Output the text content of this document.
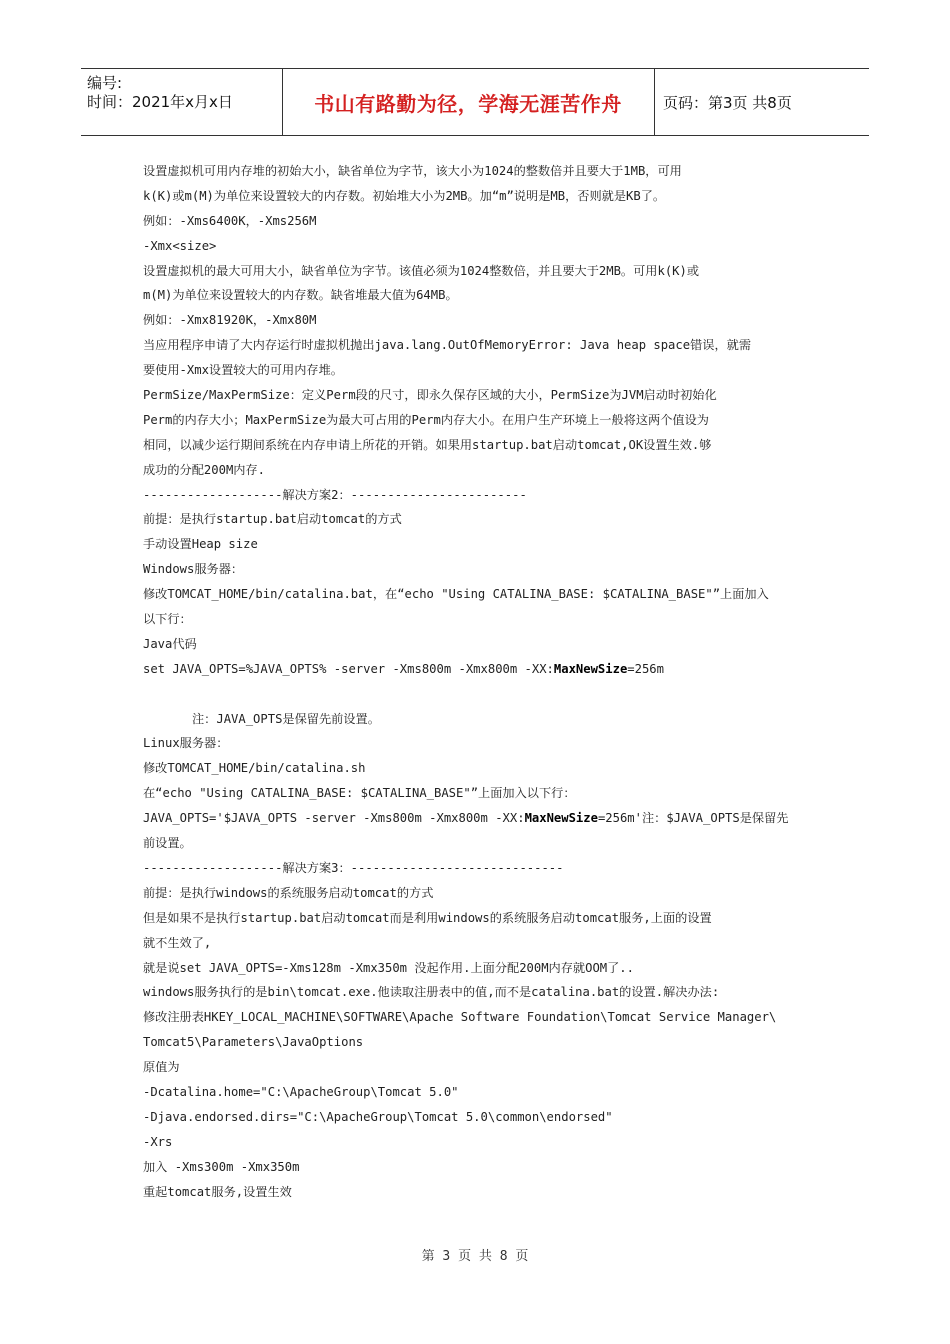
编号:
时间：2021年x月x日	书山有路勤为径，学海无涯苦作舟	页码：第3页 共8页
设置虚拟机可用内存堆的初始大小，缺省单位为字节，该大小为1024的整数倍并且要大于1MB，可用
k(K)或m(M)为单位来设置较大的内存数。初始堆大小为2MB。加“m”说明是MB，否则就是KB了。
例如：-Xms6400K，-Xms256M
-Xmx<size>
设置虚拟机的最大可用大小，缺省单位为字节。该值必须为1024整数倍，并且要大于2MB。可用k(K)或
m(M)为单位来设置较大的内存数。缺省堆最大值为64MB。
例如：-Xmx81920K，-Xmx80M
当应用程序申请了大内存运行时虚拟机抛出java.lang.OutOfMemoryError: Java heap space错误，就需
要使用-Xmx设置较大的可用内存堆。
PermSize/MaxPermSize：定义Perm段的尺寸，即永久保存区域的大小，PermSize为JVM启动时初始化
Perm的内存大小；MaxPermSize为最大可占用的Perm内存大小。在用户生产环境上一般将这两个值设为
相同，以减少运行期间系统在内存申请上所花的开销。如果用startup.bat启动tomcat,OK设置生效.够
成功的分配200M内存.
-------------------解决方案2：------------------------
前提：是执行startup.bat启动tomcat的方式
手动设置Heap size
Windows服务器：
修改TOMCAT_HOME/bin/catalina.bat，在“echo "Using CATALINA_BASE: $CATALINA_BASE"”上面加入
以下行：
Java代码
set JAVA_OPTS=%JAVA_OPTS% -server -Xms800m -Xmx800m -XX:MaxNewSize=256m
注：JAVA_OPTS是保留先前设置。
Linux服务器：
修改TOMCAT_HOME/bin/catalina.sh
在“echo "Using CATALINA_BASE: $CATALINA_BASE"”上面加入以下行：
JAVA_OPTS='$JAVA_OPTS -server -Xms800m -Xmx800m -XX:MaxNewSize=256m'注：$JAVA_OPTS是保留先
前设置。
-------------------解决方案3：-----------------------------
前提：是执行windows的系统服务启动tomcat的方式
但是如果不是执行startup.bat启动tomcat而是利用windows的系统服务启动tomcat服务,上面的设置
就不生效了,
就是说set JAVA_OPTS=-Xms128m -Xmx350m 没起作用.上面分配200M内存就OOM了..
windows服务执行的是bin\tomcat.exe.他读取注册表中的值,而不是catalina.bat的设置.解决办法:
修改注册表HKEY_LOCAL_MACHINE\SOFTWARE\Apache Software Foundation\Tomcat Service Manager\
Tomcat5\Parameters\JavaOptions
原值为
-Dcatalina.home="C:\ApacheGroup\Tomcat 5.0"
-Djava.endorsed.dirs="C:\ApacheGroup\Tomcat 5.0\common\endorsed"
-Xrs
加入 -Xms300m -Xmx350m
重起tomcat服务,设置生效
第 3 页 共 8 页
